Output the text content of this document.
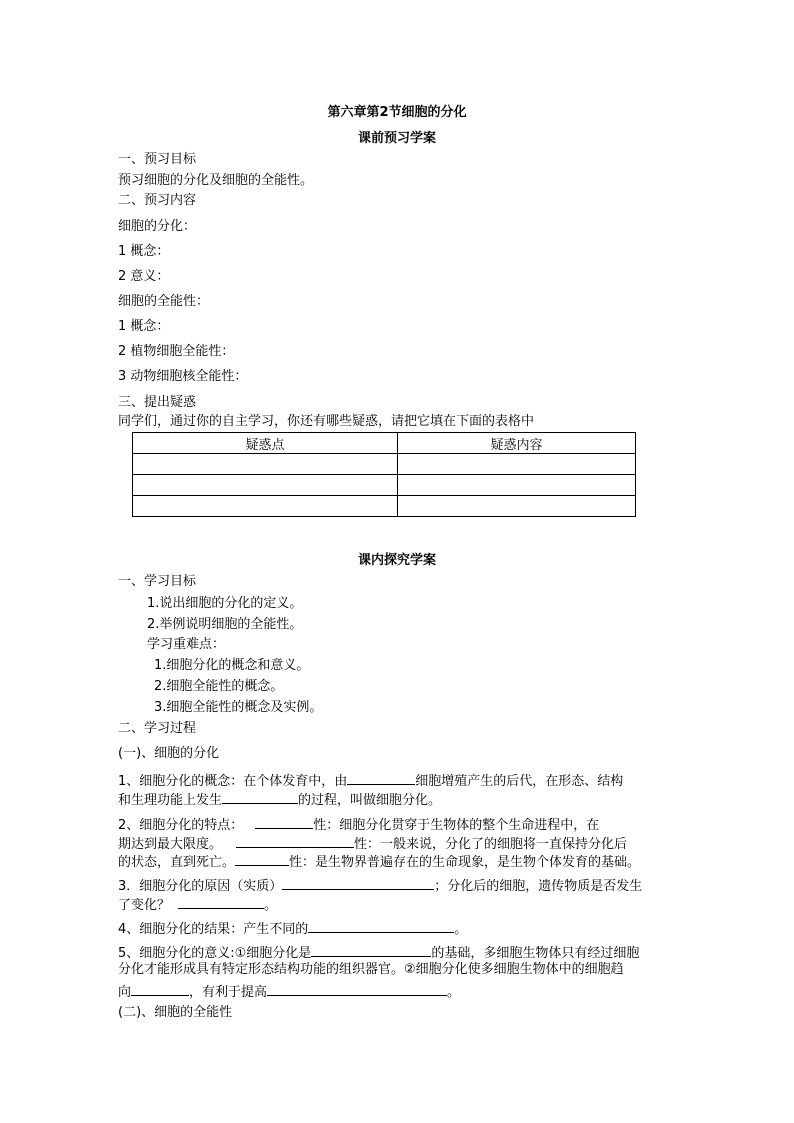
第六章第2节细胞的分化
课前预习学案
一、预习目标
预习细胞的分化及细胞的全能性。
二、预习内容
细胞的分化：
1 概念：
2 意义：
细胞的全能性：
1 概念：
2 植物细胞全能性：
3 动物细胞核全能性：
三、提出疑惑
同学们，通过你的自主学习，你还有哪些疑惑，请把它填在下面的表格中
疑惑点	疑惑内容

课内探究学案
一、学习目标
1.说出细胞的分化的定义。
2.举例说明细胞的全能性。
学习重难点：
1.细胞分化的概念和意义。
2.细胞全能性的概念。
3.细胞全能性的概念及实例。
二、学习过程
(一)、细胞的分化
1、细胞分化的概念：在个体发育中，由	细胞增殖产生的后代，在形态、结构
和生理功能上发生	的过程，叫做细胞分化。
2、细胞分化的特点：	性：细胞分化贯穿于生物体的整个生命进程中，在
期达到最大限度。	性：一般来说，分化了的细胞将一直保持分化后
的状态，直到死亡。	性：是生物界普遍存在的生命现象，是生物个体发育的基础。
3．细胞分化的原因（实质）	；分化后的细胞，遗传物质是否发生
了变化？	。
4、细胞分化的结果：产生不同的	。
5、细胞分化的意义:①细胞分化是	的基础，多细胞生物体只有经过细胞
分化才能形成具有特定形态结构功能的组织器官。②细胞分化使多细胞生物体中的细胞趋
向	，有利于提高	。
(二)、细胞的全能性
